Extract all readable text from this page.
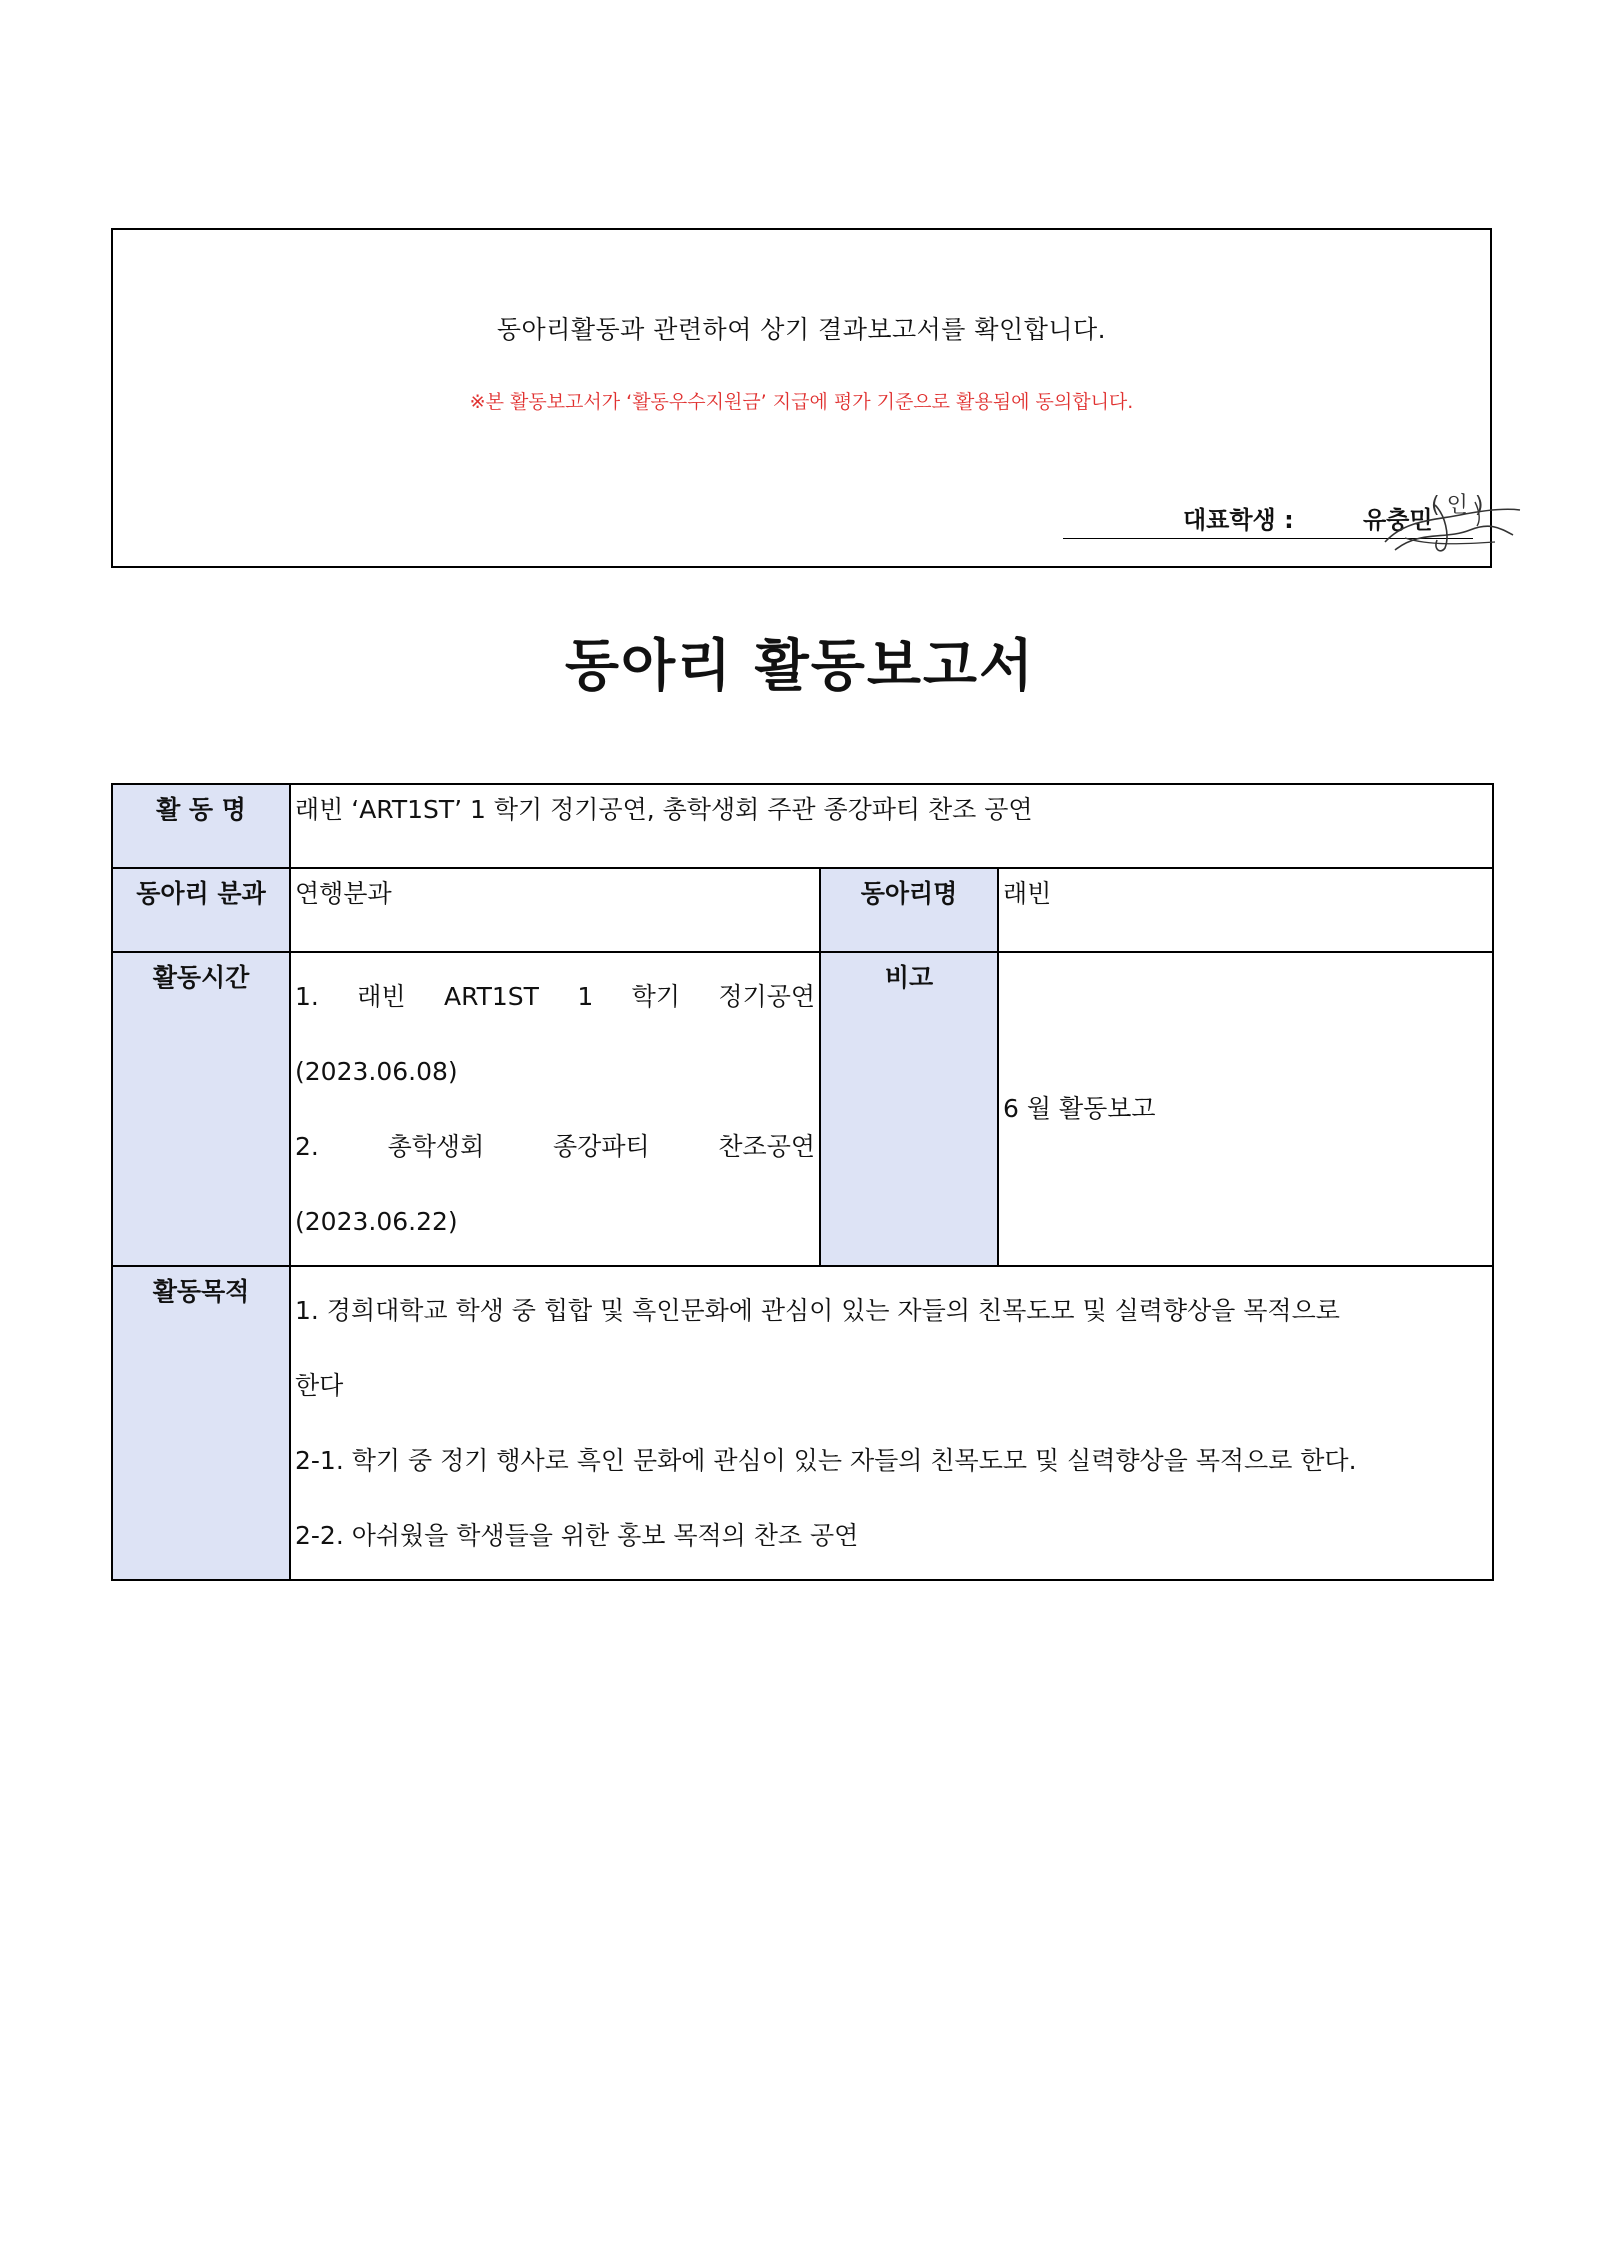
동아리활동과 관련하여 상기 결과보고서를 확인합니다.
※본 활동보고서가 ‘활동우수지원금’ 지급에 평가 기준으로 활용됨에 동의합니다.
대표학생 :	유충민
( 인 )
동아리 활동보고서
활 동 명	래빈 ‘ART1ST’ 1 학기 정기공연, 총학생회 주관 종강파티 찬조 공연		
동아리 분과	연행분과	동아리명	래빈
활동시간	1. 래빈 ART1ST 1 학기 정기공연
(2023.06.08)
2. 총학생회 종강파티 찬조공연
(2023.06.22)	비고	6 월 활동보고
활동목적	1. 경희대학교 학생 중 힙합 및 흑인문화에 관심이 있는 자들의 친목도모 및 실력향상을 목적으로
한다
2-1. 학기 중 정기 행사로 흑인 문화에 관심이 있는 자들의 친목도모 및 실력향상을 목적으로 한다.
2-2. 아쉬웠을 학생들을 위한 홍보 목적의 찬조 공연		
